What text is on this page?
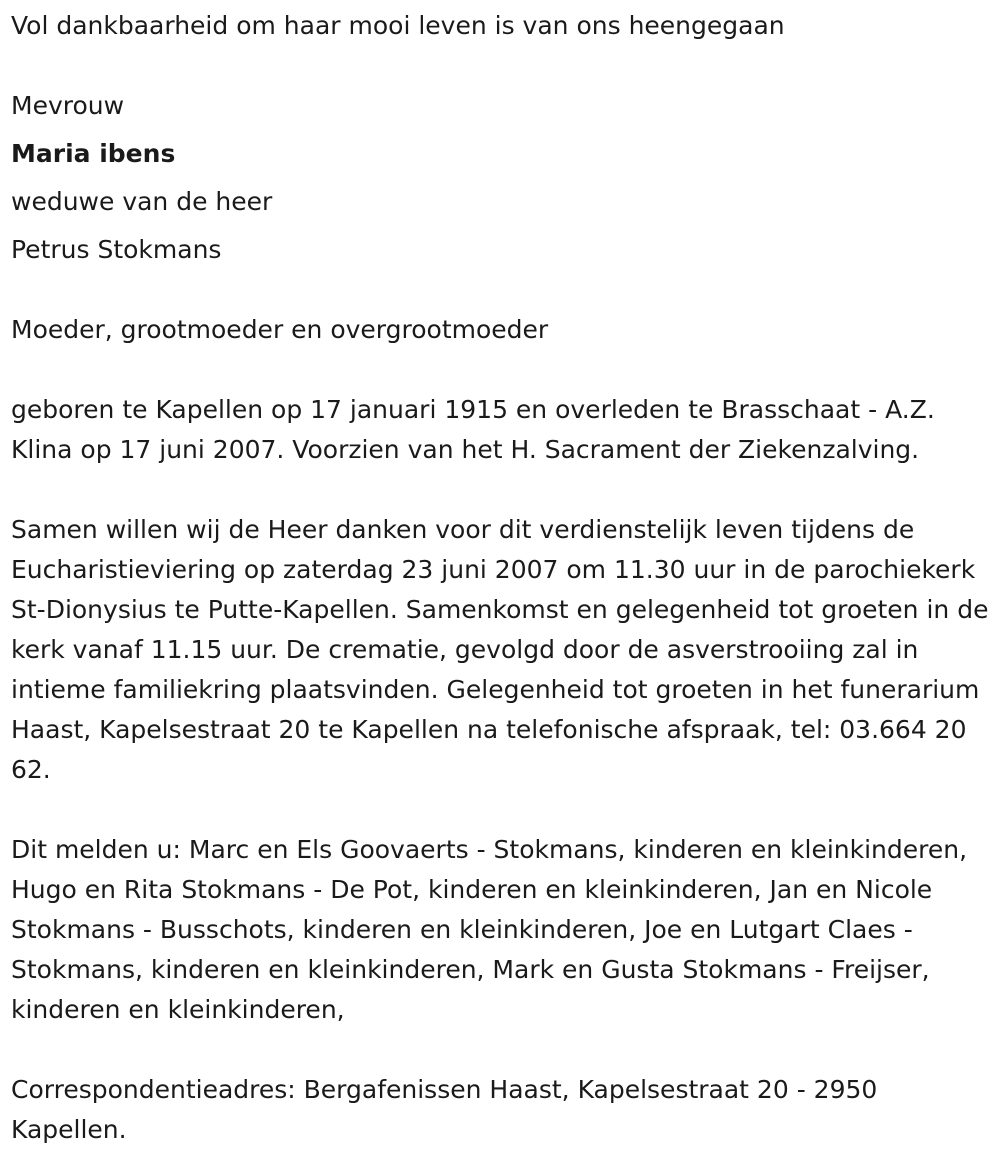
Vol dankbaarheid om haar mooi leven is van ons heengegaan

Mevrouw

Maria ibens

weduwe van de heer

Petrus Stokmans

Moeder, grootmoeder en overgrootmoeder

geboren te Kapellen op 17 januari 1915 en overleden te Brasschaat - A.Z. Klina op 17 juni 2007. Voorzien van het H. Sacrament der Ziekenzalving.

Samen willen wij de Heer danken voor dit verdienstelijk leven tijdens de Eucharistieviering op zaterdag 23 juni 2007 om 11.30 uur in de parochiekerk St-Dionysius te Putte-Kapellen. Samenkomst en gelegenheid tot groeten in de kerk vanaf 11.15 uur. De crematie, gevolgd door de asverstrooiing zal in intieme familiekring plaatsvinden. Gelegenheid tot groeten in het funerarium Haast, Kapelsestraat 20 te Kapellen na telefonische afspraak, tel: 03.664 20 62.

Dit melden u: Marc en Els Goovaerts - Stokmans, kinderen en kleinkinderen, Hugo en Rita Stokmans - De Pot, kinderen en kleinkinderen, Jan en Nicole Stokmans - Busschots, kinderen en kleinkinderen, Joe en Lutgart Claes - Stokmans, kinderen en kleinkinderen, Mark en Gusta Stokmans - Freijser, kinderen en kleinkinderen,

Correspondentieadres: Bergafenissen Haast, Kapelsestraat 20 - 2950 Kapellen.
